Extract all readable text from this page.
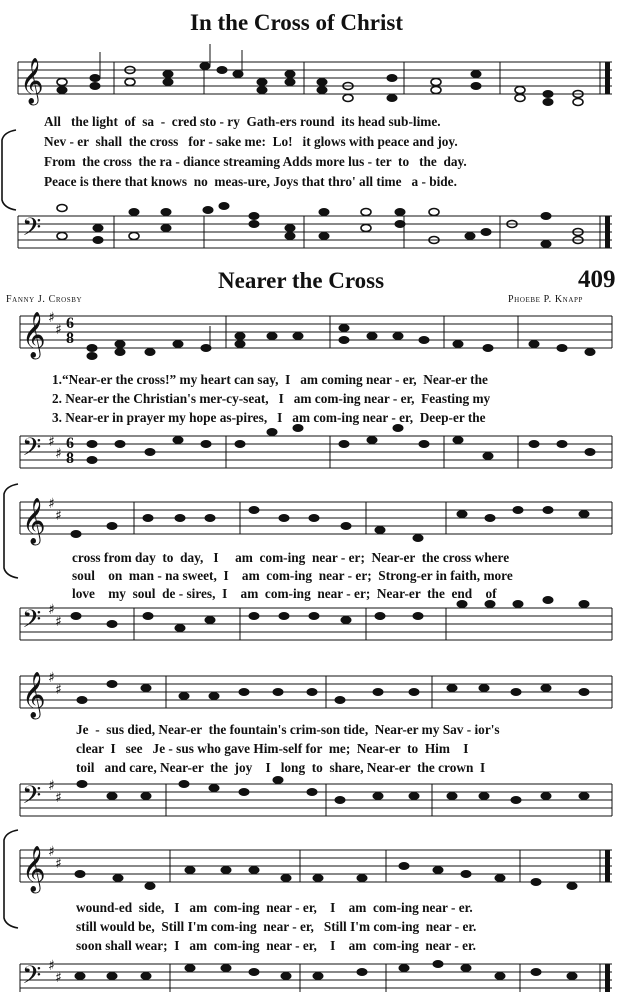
In the Cross of Christ
𝄞
𝄢
𝄞
𝄢
𝄞
𝄢
𝄞
𝄢
𝄞
𝄢
♯
♯
♯
♯
♯
♯
♯
♯
♯
♯
♯
♯
♯
♯
♯
♯
All   the light  of  sa  -  cred sto - ry  Gath-ers round  its head sub-lime.
Nev - er  shall  the cross   for - sake me:  Lo!   it glows with peace and joy.
From  the cross  the ra - diance streaming Adds more lus - ter  to   the  day.
Peace is there that knows  no  meas-ure, Joys that thro' all time   a - bide.
Nearer the Cross	409
Fanny J. Crosby	Phoebe P. Knapp
6
8
6
8
1.“Near-er the cross!” my heart can say,  I   am coming near - er,  Near-er the
2. Near-er the Christian's mer-cy-seat,   I   am com-ing near - er,  Feasting my
3. Near-er in prayer my hope as-pires,   I   am com-ing near - er,  Deep-er the
cross from day  to  day,   I     am  com-ing  near - er;  Near-er  the cross where
soul    on  man - na sweet,  I    am  com-ing  near - er;  Strong-er in faith, more
love    my  soul  de - sires,  I    am  com-ing  near - er;  Near-er  the  end    of
Je  -  sus died, Near-er  the fountain's crim-son tide,  Near-er my Sav - ior's
clear  I   see   Je - sus who gave Him-self for  me;  Near-er  to  Him    I
toil   and care, Near-er  the  joy    I   long  to  share, Near-er  the crown  I
wound-ed  side,   I   am  com-ing  near - er,    I    am  com-ing near - er.
still would be,  Still I'm com-ing  near - er,   Still I'm com-ing  near - er.
soon shall wear;  I   am  com-ing  near - er,    I    am  com-ing  near - er.
